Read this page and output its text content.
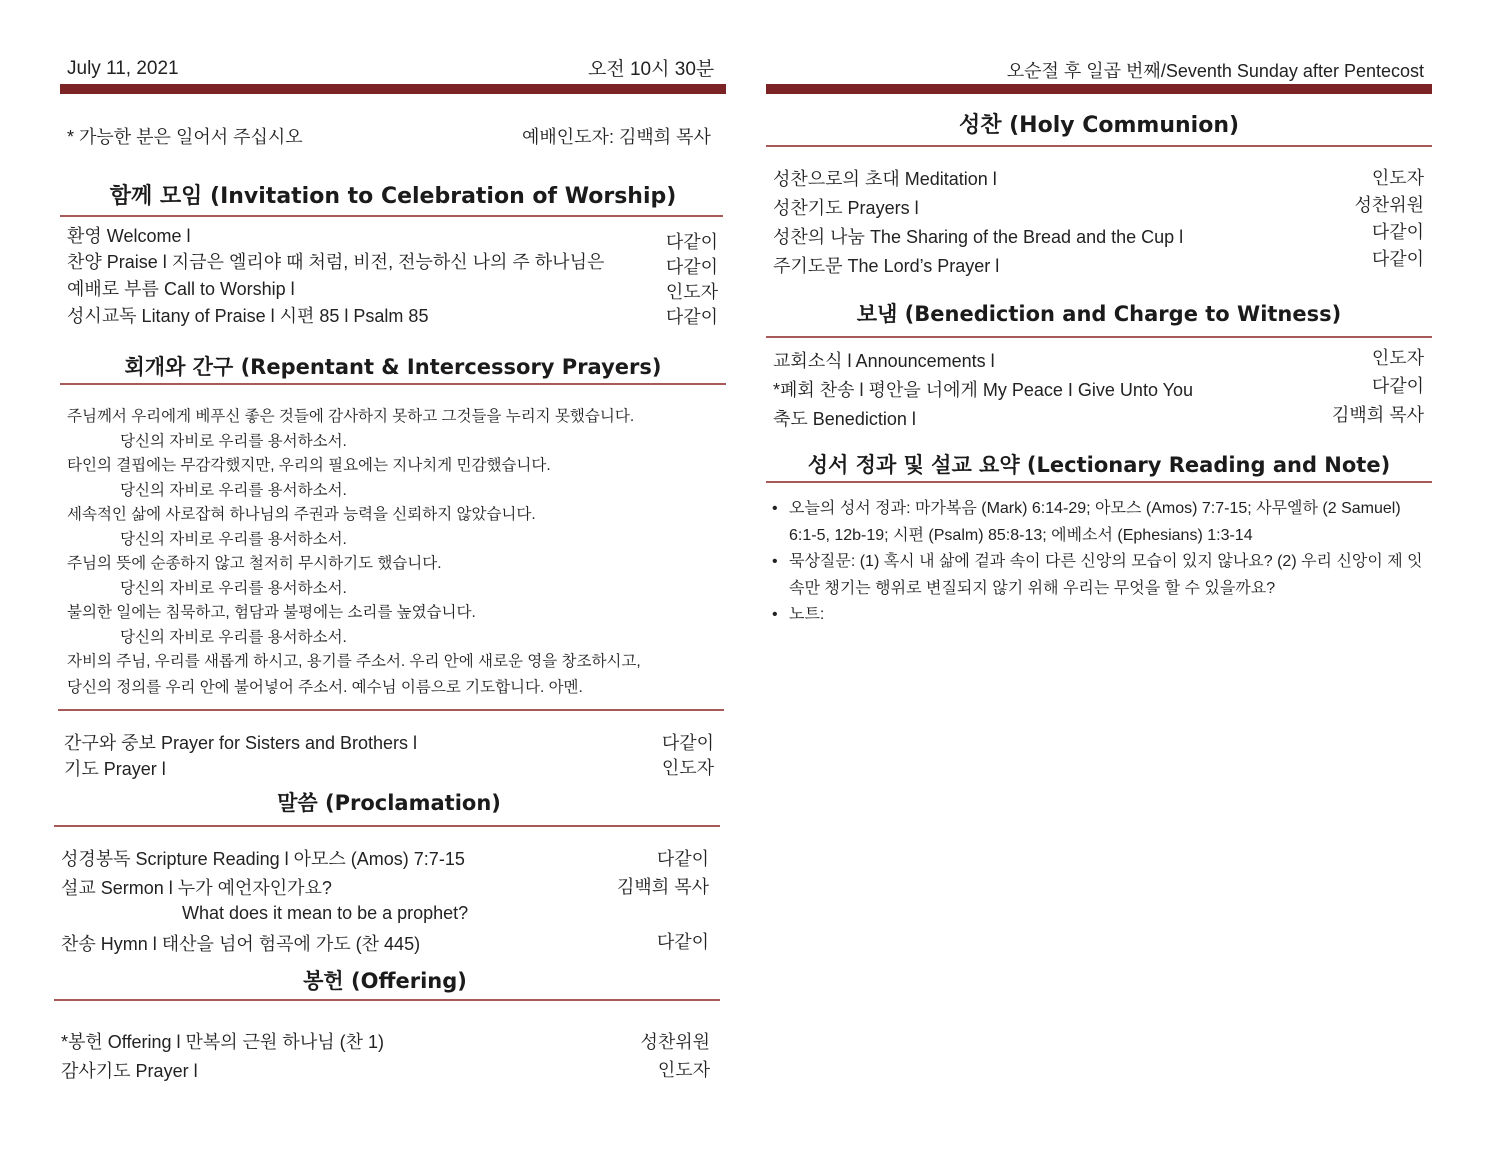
July 11, 2021	오전 10시 30분
* 가능한 분은 일어서 주십시오	예배인도자: 김백희 목사
함께 모임 (Invitation to Celebration of Worship)
환영 Welcome l	다같이
찬양 Praise l 지금은 엘리야 때 처럼, 비전, 전능하신 나의 주 하나님은	다같이
예배로 부름 Call to Worship l	인도자
성시교독 Litany of Praise l 시편 85 l Psalm 85	다같이
회개와 간구 (Repentant & Intercessory Prayers)
주님께서 우리에게 베푸신 좋은 것들에 감사하지 못하고 그것들을 누리지 못했습니다.
당신의 자비로 우리를 용서하소서.
타인의 결핍에는 무감각했지만, 우리의 필요에는 지나치게 민감했습니다.
당신의 자비로 우리를 용서하소서.
세속적인 삶에 사로잡혀 하나님의 주권과 능력을 신뢰하지 않았습니다.
당신의 자비로 우리를 용서하소서.
주님의 뜻에 순종하지 않고 철저히 무시하기도 했습니다.
당신의 자비로 우리를 용서하소서.
불의한 일에는 침묵하고, 험담과 불평에는 소리를 높였습니다.
당신의 자비로 우리를 용서하소서.
자비의 주님, 우리를 새롭게 하시고, 용기를 주소서. 우리 안에 새로운 영을 창조하시고,
당신의 정의를 우리 안에 불어넣어 주소서. 예수님 이름으로 기도합니다. 아멘.
간구와 중보 Prayer for Sisters and Brothers l	다같이
기도 Prayer l	인도자
말씀 (Proclamation)
성경봉독 Scripture Reading l 아모스 (Amos) 7:7-15	다같이
설교 Sermon l 누가 예언자인가요?	김백희 목사
What does it mean to be a prophet?
찬송 Hymn l 태산을 넘어 험곡에 가도 (찬 445)	다같이
봉헌 (Offering)
*봉헌 Offering l 만복의 근원 하나님 (찬 1)	성찬위원
감사기도 Prayer l	인도자
오순절 후 일곱 번째/Seventh Sunday after Pentecost
성찬 (Holy Communion)
성찬으로의 초대 Meditation l	인도자
성찬기도 Prayers l	성찬위원
성찬의 나눔 The Sharing of the Bread and the Cup l	다같이
주기도문 The Lord’s Prayer l	다같이
보냄 (Benediction and Charge to Witness)
교회소식 l Announcements l	인도자
*폐회 찬송 l 평안을 너에게 My Peace I Give Unto You	다같이
축도 Benediction l	김백희 목사
성서 정과 및 설교 요약 (Lectionary Reading and Note)
• 오늘의 성서 정과: 마가복음 (Mark) 6:14-29; 아모스 (Amos) 7:7-15; 사무엘하 (2 Samuel) 6:1-5, 12b-19; 시편 (Psalm) 85:8-13; 에베소서 (Ephesians) 1:3-14
• 묵상질문: (1) 혹시 내 삶에 겉과 속이 다른 신앙의 모습이 있지 않나요? (2) 우리 신앙이 제 잇속만 챙기는 행위로 변질되지 않기 위해 우리는 무엇을 할 수 있을까요?
• 노트:
